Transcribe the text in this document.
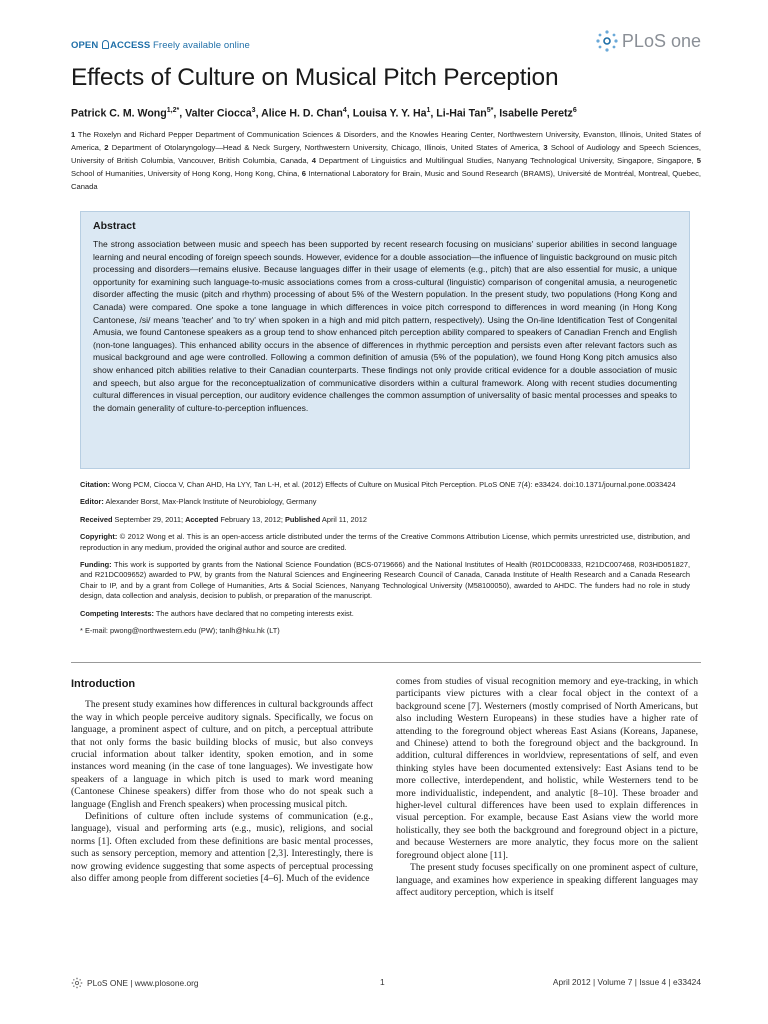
OPEN ACCESS Freely available online	PLoS one
Effects of Culture on Musical Pitch Perception
Patrick C. M. Wong$^{1,2*}$, Valter Ciocca$^3$, Alice H. D. Chan$^4$, Louisa Y. Y. Ha$^1$, Li-Hai Tan$^{5*}$, Isabelle Peretz$^6$
1 The Roxelyn and Richard Pepper Department of Communication Sciences & Disorders, and the Knowles Hearing Center, Northwestern University, Evanston, Illinois, United States of America, 2 Department of Otolaryngology—Head & Neck Surgery, Northwestern University, Chicago, Illinois, United States of America, 3 School of Audiology and Speech Sciences, University of British Columbia, Vancouver, British Columbia, Canada, 4 Department of Linguistics and Multilingual Studies, Nanyang Technological University, Singapore, Singapore, 5 School of Humanities, University of Hong Kong, Hong Kong, China, 6 International Laboratory for Brain, Music and Sound Research (BRAMS), Université de Montréal, Montreal, Quebec, Canada
Abstract

The strong association between music and speech has been supported by recent research focusing on musicians' superior abilities in second language learning and neural encoding of foreign speech sounds. However, evidence for a double association—the influence of linguistic background on music pitch processing and disorders—remains elusive. Because languages differ in their usage of elements (e.g., pitch) that are also essential for music, a unique opportunity for examining such language-to-music associations comes from a cross-cultural (linguistic) comparison of congenital amusia, a neurogenetic disorder affecting the music (pitch and rhythm) processing of about 5% of the Western population. In the present study, two populations (Hong Kong and Canada) were compared. One spoke a tone language in which differences in voice pitch correspond to differences in word meaning (in Hong Kong Cantonese, /si/ means 'teacher' and 'to try' when spoken in a high and mid pitch pattern, respectively). Using the On-line Identification Test of Congenital Amusia, we found Cantonese speakers as a group tend to show enhanced pitch perception ability compared to speakers of Canadian French and English (non-tone languages). This enhanced ability occurs in the absence of differences in rhythmic perception and persists even after relevant factors such as musical background and age were controlled. Following a common definition of amusia (5% of the population), we found Hong Kong pitch amusics also show enhanced pitch abilities relative to their Canadian counterparts. These findings not only provide critical evidence for a double association of music and speech, but also argue for the reconceptualization of communicative disorders within a cultural framework. Along with recent studies documenting cultural differences in visual perception, our auditory evidence challenges the common assumption of universality of basic mental processes and speaks to the domain generality of culture-to-perception influences.

Citation: Wong PCM, Ciocca V, Chan AHD, Ha LYY, Tan L-H, et al. (2012) Effects of Culture on Musical Pitch Perception. PLoS ONE 7(4): e33424. doi:10.1371/journal.pone.0033424

Editor: Alexander Borst, Max-Planck Institute of Neurobiology, Germany

Received September 29, 2011; Accepted February 13, 2012; Published April 11, 2012

Copyright: © 2012 Wong et al. This is an open-access article distributed under the terms of the Creative Commons Attribution License, which permits unrestricted use, distribution, and reproduction in any medium, provided the original author and source are credited.

Funding: This work is supported by grants from the National Science Foundation (BCS-0719666) and the National Institutes of Health (R01DC008333, R21DC007468, R03HD051827, and R21DC009652) awarded to PW, by grants from the Natural Sciences and Engineering Research Council of Canada, Canada Institute of Health Research and a Canada Research Chair to IP, and by a grant from College of Humanities, Arts & Social Sciences, Nanyang Technological University (M58100050), awarded to AHDC. The funders had no role in study design, data collection and analysis, decision to publish, or preparation of the manuscript.

Competing Interests: The authors have declared that no competing interests exist.

* E-mail: pwong@northwestern.edu (PW); tanlh@hku.hk (LT)

Introduction

The present study examines how differences in cultural backgrounds affect the way in which people perceive auditory signals. Specifically, we focus on language, a prominent aspect of culture, and on pitch, a perceptual attribute that not only forms the basic building blocks of music, but also conveys crucial information about talker identity, spoken emotion, and in some instances word meaning (in the case of tone languages). We investigate how speakers of a language in which pitch is used to mark word meaning (Cantonese Chinese speakers) differ from those who do not speak such a language (English and French speakers) when processing musical pitch.

Definitions of culture often include systems of communication (e.g., language), visual and performing arts (e.g., music), religions, and social norms [1]. Often excluded from these definitions are basic mental processes, such as sensory perception, memory and attention [2,3]. Interestingly, there is now growing evidence suggesting that some aspects of perceptual processing also differ among people from different societies [4–6]. Much of the evidence

comes from studies of visual recognition memory and eye-tracking, in which participants view pictures with a clear focal object in the context of a background scene [7]. Westerners (mostly comprised of North Americans, but also including Western Europeans) in these studies have a higher rate of attending to the foreground object whereas East Asians (Koreans, Japanese, and Chinese) attend to both the foreground object and the background. In addition, cultural differences in worldview, representations of self, and even thinking styles have been documented extensively: East Asians tend to be more collective, interdependent, and holistic, while Westerners tend to be more individualistic, independent, and analytic [8–10]. These broader and higher-level cultural differences have been used to explain differences in visual perception. For example, because East Asians view the world more holistically, they see both the background and foreground object in a picture, and because Westerners are more analytic, they focus more on the salient foreground object alone [11].

The present study focuses specifically on one prominent aspect of culture, language, and examines how experience in speaking different languages may affect auditory perception, which is itself

PLoS ONE | www.plosone.org	1	April 2012 | Volume 7 | Issue 4 | e33424
